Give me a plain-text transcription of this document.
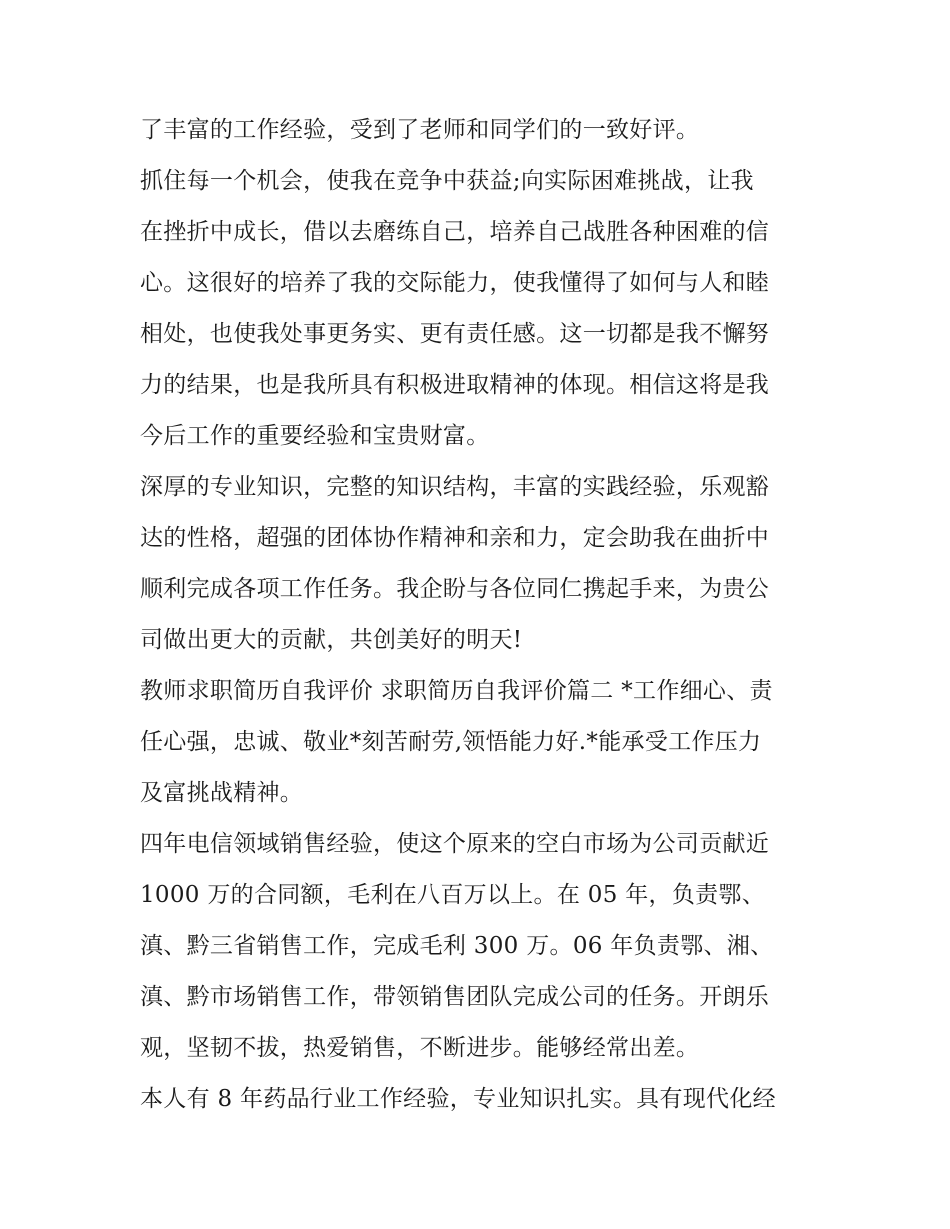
了丰富的工作经验，受到了老师和同学们的一致好评。
抓住每一个机会，使我在竞争中获益;向实际困难挑战，让我
在挫折中成长，借以去磨练自己，培养自己战胜各种困难的信
心。这很好的培养了我的交际能力，使我懂得了如何与人和睦
相处，也使我处事更务实、更有责任感。这一切都是我不懈努
力的结果，也是我所具有积极进取精神的体现。相信这将是我
今后工作的重要经验和宝贵财富。
深厚的专业知识，完整的知识结构，丰富的实践经验，乐观豁
达的性格，超强的团体协作精神和亲和力，定会助我在曲折中
顺利完成各项工作任务。我企盼与各位同仁携起手来，为贵公
司做出更大的贡献，共创美好的明天!
教师求职简历自我评价 求职简历自我评价篇二 *工作细心、责
任心强，忠诚、敬业*刻苦耐劳,领悟能力好.*能承受工作压力
及富挑战精神。
四年电信领域销售经验，使这个原来的空白市场为公司贡献近
1000 万的合同额，毛利在八百万以上。在 05 年，负责鄂、
滇、黔三省销售工作，完成毛利 300 万。06 年负责鄂、湘、
滇、黔市场销售工作，带领销售团队完成公司的任务。开朗乐
观，坚韧不拔，热爱销售，不断进步。能够经常出差。
本人有 8 年药品行业工作经验，专业知识扎实。具有现代化经
